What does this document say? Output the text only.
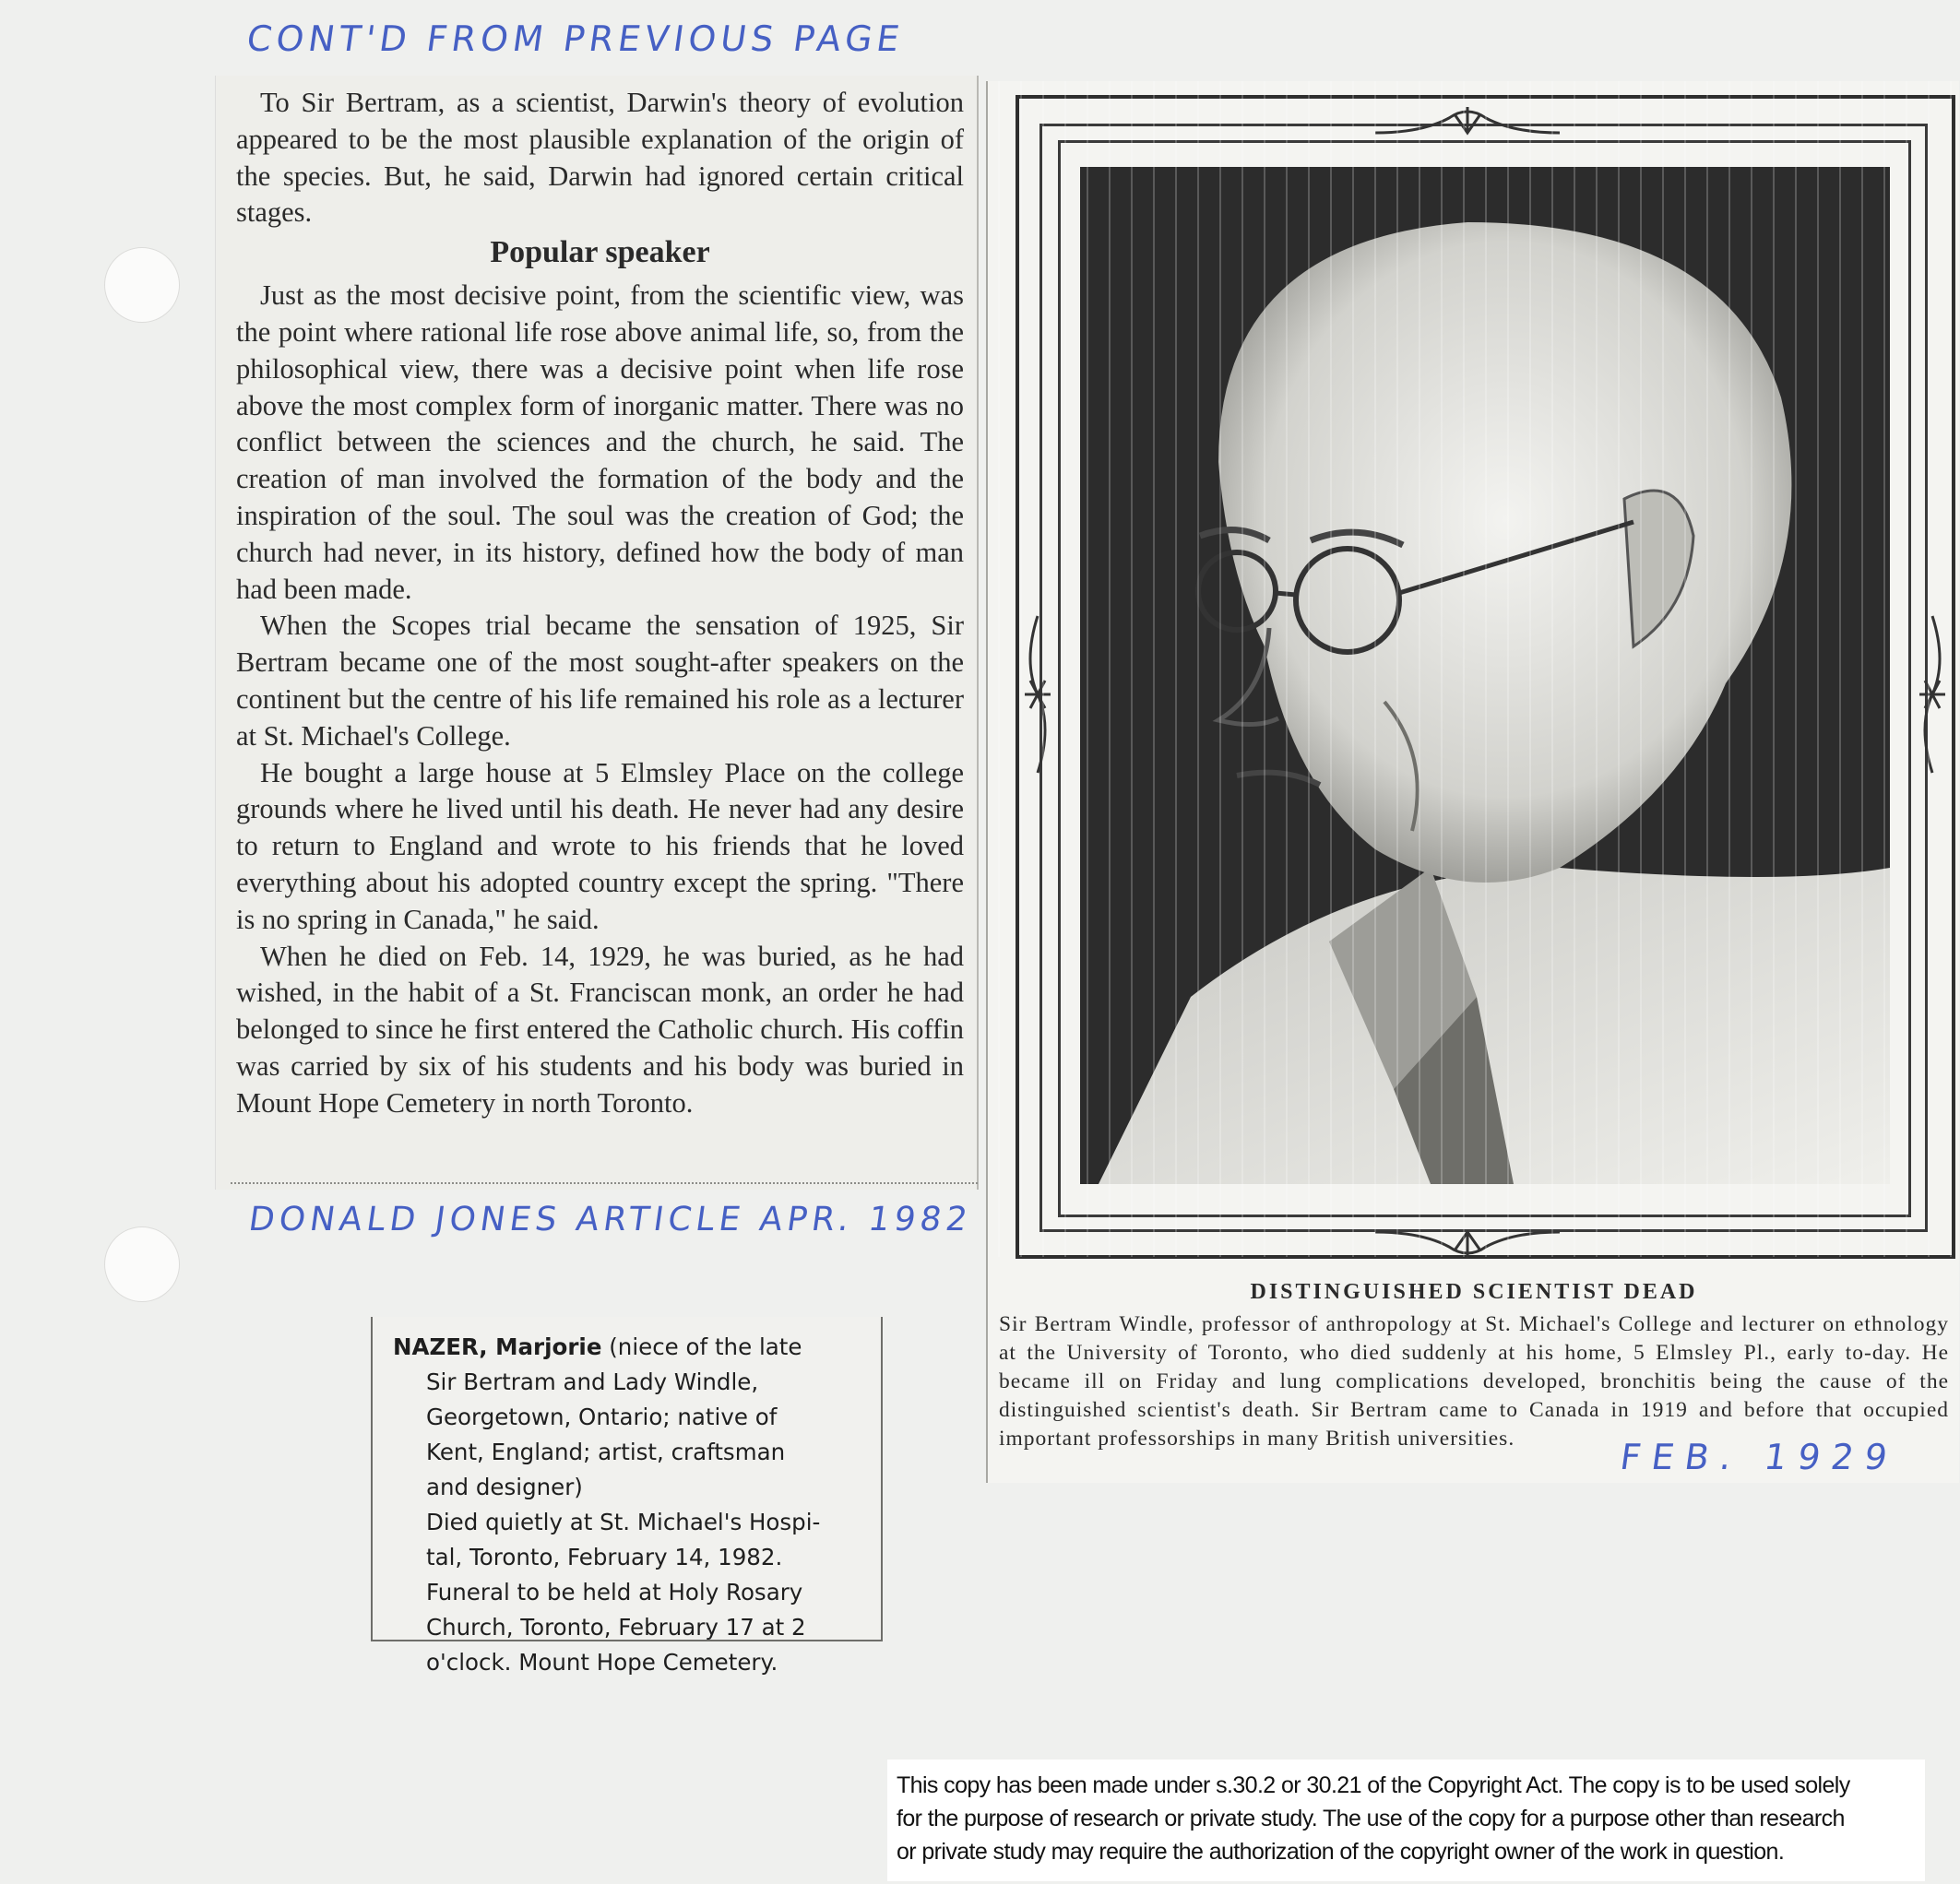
CONT'D FROM PREVIOUS PAGE

To Sir Bertram, as a scientist, Darwin's theory of evolution appeared to be the most plausible explanation of the origin of the species. But, he said, Darwin had ignored certain critical stages.

Popular speaker

Just as the most decisive point, from the scientific view, was the point where rational life rose above animal life, so, from the philosophical view, there was a decisive point when life rose above the most complex form of inorganic matter. There was no conflict between the sciences and the church, he said. The creation of man involved the formation of the body and the inspiration of the soul. The soul was the creation of God; the church had never, in its history, defined how the body of man had been made.

When the Scopes trial became the sensation of 1925, Sir Bertram became one of the most sought-after speakers on the continent but the centre of his life remained his role as a lecturer at St. Michael's College.

He bought a large house at 5 Elmsley Place on the college grounds where he lived until his death. He never had any desire to return to England and wrote to his friends that he loved everything about his adopted country except the spring. "There is no spring in Canada," he said.

When he died on Feb. 14, 1929, he was buried, as he had wished, in the habit of a St. Franciscan monk, an order he had belonged to since he first entered the Catholic church. His coffin was carried by six of his students and his body was buried in Mount Hope Cemetery in north Toronto.

DONALD JONES ARTICLE APR. 1982
DISTINGUISHED SCIENTIST DEAD
Sir Bertram Windle, professor of anthropology at St. Michael's College and lecturer on ethnology at the University of Toronto, who died suddenly at his home, 5 Elmsley Pl., early to-day. He became ill on Friday and lung complications developed, bronchitis being the cause of the distinguished scientist's death. Sir Bertram came to Canada in 1919 and before that occupied important professorships in many British universities.	FEB. 1929

NAZER, Marjorie (niece of the late

Sir Bertram and Lady Windle,

Georgetown, Ontario; native of

Kent, England; artist, craftsman

and designer)

Died quietly at St. Michael's Hospi-

tal, Toronto, February 14, 1982.

Funeral to be held at Holy Rosary

Church, Toronto, February 17 at 2

o'clock. Mount Hope Cemetery.

This copy has been made under s.30.2 or 30.21 of the Copyright Act. The copy is to be used solely
for the purpose of research or private study. The use of the copy for a purpose other than research
or private study may require the authorization of the copyright owner of the work in question.
